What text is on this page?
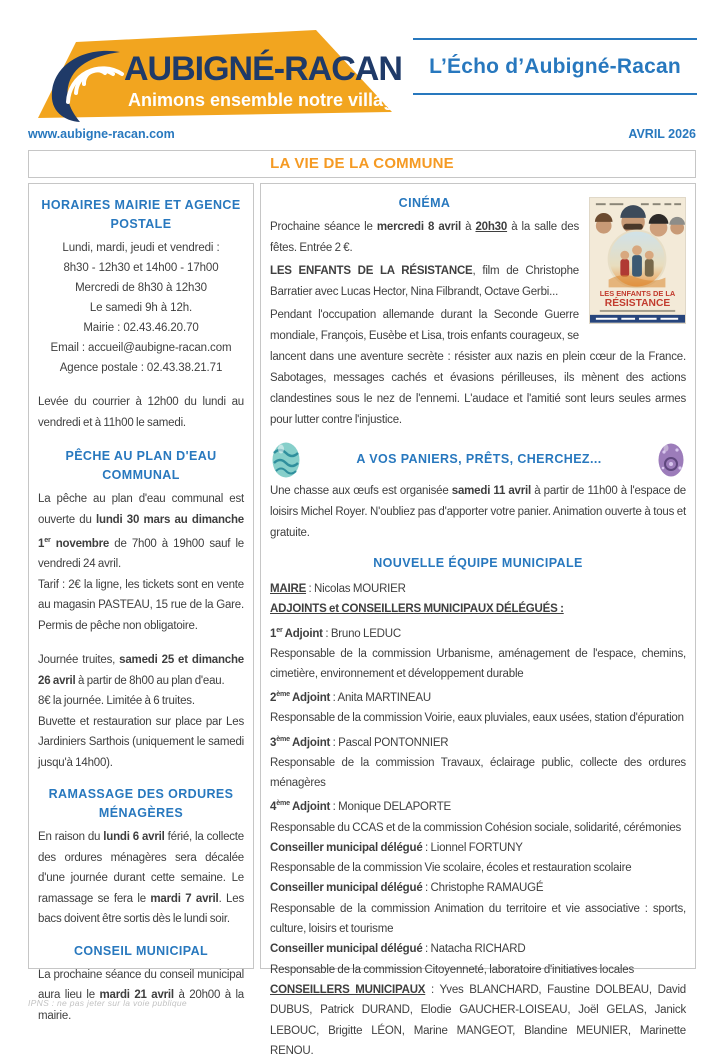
AUBIGNÉ-RACAN
Animons ensemble notre village
L’Écho d’Aubigné-Racan
www.aubigne-racan.com	AVRIL 2026
LA VIE DE LA COMMUNE
HORAIRES MAIRIE ET AGENCE POSTALE

Lundi, mardi, jeudi et vendredi :

8h30 - 12h30 et 14h00 - 17h00

Mercredi de 8h30 à 12h30

Le samedi 9h à 12h.

Mairie : 02.43.46.20.70

Email : accueil@aubigne-racan.com

Agence postale : 02.43.38.21.71

Levée du courrier à 12h00 du lundi au vendredi et à 11h00 le samedi.

PÊCHE AU PLAN D'EAU COMMUNAL

La pêche au plan d'eau communal est ouverte du lundi 30 mars au dimanche 1er novembre de 7h00 à 19h00 sauf le vendredi 24 avril.

Tarif : 2€ la ligne, les tickets sont en vente au magasin PASTEAU, 15 rue de la Gare. Permis de pêche non obligatoire.

Journée truites, samedi 25 et dimanche 26 avril à partir de 8h00 au plan d'eau.

8€ la journée. Limitée à 6 truites.

Buvette et restauration sur place par Les Jardiniers Sarthois (uniquement le samedi jusqu'à 14h00).

RAMASSAGE DES ORDURES MÉNAGÈRES

En raison du lundi 6 avril férié, la collecte des ordures ménagères sera décalée d'une journée durant cette semaine. Le ramassage se fera le mardi 7 avril. Les bacs doivent être sortis dès le lundi soir.

CONSEIL MUNICIPAL

La prochaine séance du conseil municipal aura lieu le mardi 21 avril à 20h00 à la mairie.

LES ENFANTS DE LA
RÉSISTANCE
CINÉMA

Prochaine séance le mercredi 8 avril à 20h30 à la salle des fêtes. Entrée 2 €.

LES ENFANTS DE LA RÉSISTANCE, film de Christophe Barratier avec Lucas Hector, Nina Filbrandt, Octave Gerbi...

Pendant l'occupation allemande durant la Seconde Guerre mondiale, François, Eusèbe et Lisa, trois enfants courageux, se lancent dans une aventure secrète : résister aux nazis en plein cœur de la France. Sabotages, messages cachés et évasions périlleuses, ils mènent des actions clandestines sous le nez de l'ennemi. L'audace et l'amitié sont leurs seules armes pour lutter contre l'injustice.

A VOS PANIERS, PRÊTS, CHERCHEZ...

Une chasse aux œufs est organisée samedi 11 avril à partir de 11h00 à l'espace de loisirs Michel Royer. N'oubliez pas d'apporter votre panier. Animation ouverte à tous et gratuite.

NOUVELLE ÉQUIPE MUNICIPALE

MAIRE : Nicolas MOURIER

ADJOINTS et CONSEILLERS MUNICIPAUX DÉLÉGUÉS :

1er Adjoint : Bruno LEDUC

Responsable de la commission Urbanisme, aménagement de l'espace, chemins, cimetière, environnement et développement durable

2ème Adjoint : Anita MARTINEAU

Responsable de la commission Voirie, eaux pluviales, eaux usées, station d'épuration

3ème Adjoint : Pascal PONTONNIER

Responsable de la commission Travaux, éclairage public, collecte des ordures ménagères

4ème Adjoint : Monique DELAPORTE

Responsable du CCAS et de la commission Cohésion sociale, solidarité, cérémonies

Conseiller municipal délégué : Lionnel FORTUNY

Responsable de la commission Vie scolaire, écoles et restauration scolaire

Conseiller municipal délégué : Christophe RAMAUGÉ

Responsable de la commission Animation du territoire et vie associative : sports, culture, loisirs et tourisme

Conseiller municipal délégué : Natacha RICHARD

Responsable de la commission Citoyenneté, laboratoire d'initiatives locales

CONSEILLERS MUNICIPAUX : Yves BLANCHARD, Faustine DOLBEAU, David DUBUS, Patrick DURAND, Elodie GAUCHER-LOISEAU, Joël GELAS, Janick LEBOUC, Brigitte LÉON, Marine MANGEOT, Blandine MEUNIER, Marinette RENOU.

IPNS : ne pas jeter sur la voie publique
